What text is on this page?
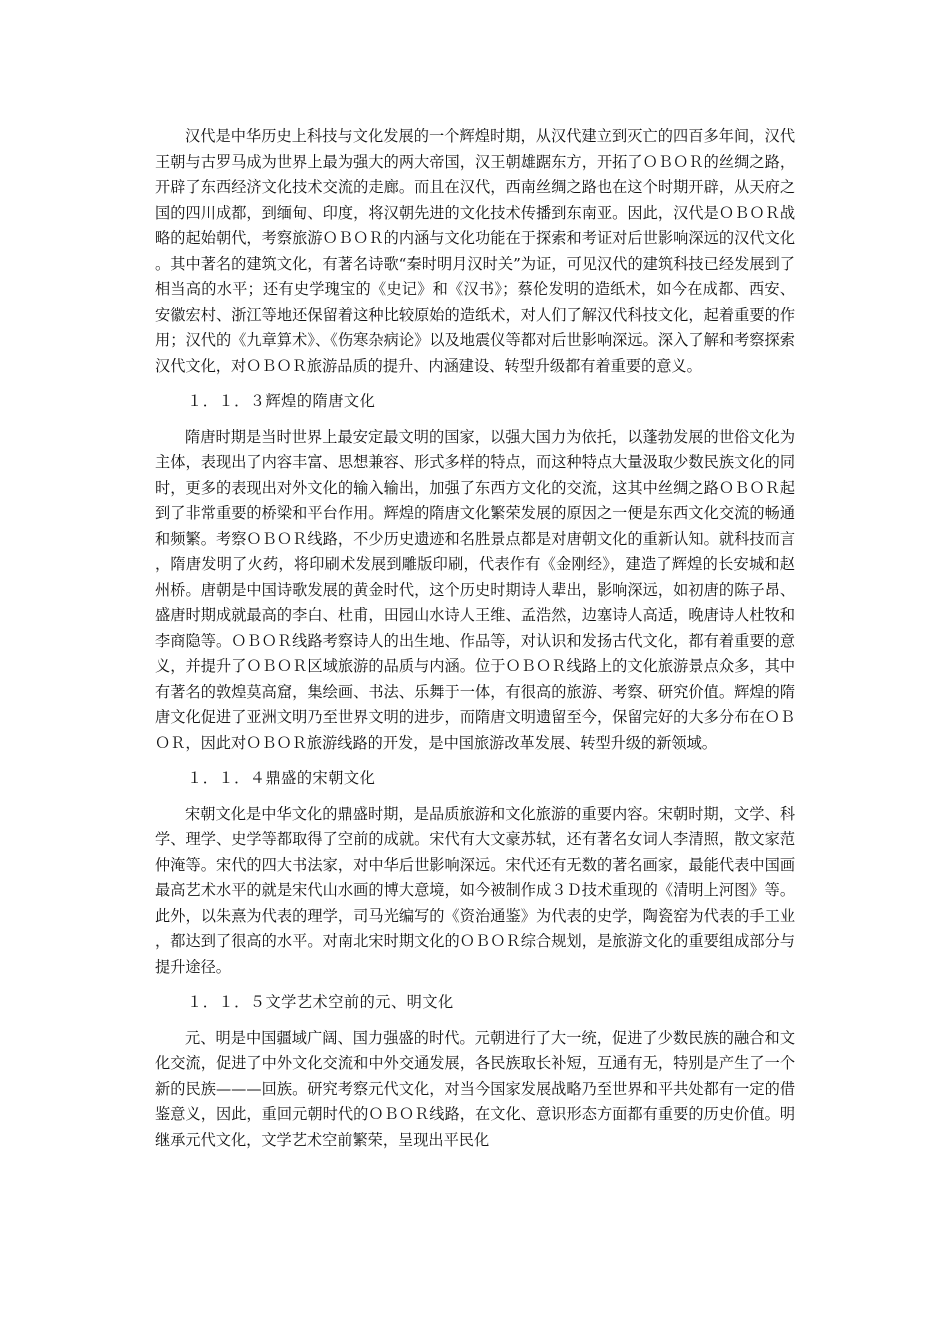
汉代是中华历史上科技与文化发展的一个辉煌时期，从汉代建立到灭亡的四百多年间，汉代王朝与古罗马成为世界上最为强大的两大帝国，汉王朝雄踞东方，开拓了ＯＢＯＲ的丝绸之路，开辟了东西经济文化技术交流的走廊。而且在汉代，西南丝绸之路也在这个时期开辟，从天府之国的四川成都，到缅甸、印度，将汉朝先进的文化技术传播到东南亚。因此，汉代是ＯＢＯＲ战略的起始朝代，考察旅游ＯＢＯＲ的内涵与文化功能在于探索和考证对后世影响深远的汉代文化。其中著名的建筑文化，有著名诗歌“秦时明月汉时关”为证，可见汉代的建筑科技已经发展到了相当高的水平；还有史学瑰宝的《史记》和《汉书》；蔡伦发明的造纸术，如今在成都、西安、安徽宏村、浙江等地还保留着这种比较原始的造纸术，对人们了解汉代科技文化，起着重要的作用；汉代的《九章算术》、《伤寒杂病论》以及地震仪等都对后世影响深远。深入了解和考察探索汉代文化，对ＯＢＯＲ旅游品质的提升、内涵建设、转型升级都有着重要的意义。

１．１．３辉煌的隋唐文化

隋唐时期是当时世界上最安定最文明的国家，以强大国力为依托，以蓬勃发展的世俗文化为主体，表现出了内容丰富、思想兼容、形式多样的特点，而这种特点大量汲取少数民族文化的同时，更多的表现出对外文化的输入输出，加强了东西方文化的交流，这其中丝绸之路ＯＢＯＲ起到了非常重要的桥梁和平台作用。辉煌的隋唐文化繁荣发展的原因之一便是东西文化交流的畅通和频繁。考察ＯＢＯＲ线路，不少历史遗迹和名胜景点都是对唐朝文化的重新认知。就科技而言，隋唐发明了火药，将印刷术发展到雕版印刷，代表作有《金刚经》，建造了辉煌的长安城和赵州桥。唐朝是中国诗歌发展的黄金时代，这个历史时期诗人辈出，影响深远，如初唐的陈子昂、盛唐时期成就最高的李白、杜甫，田园山水诗人王维、孟浩然，边塞诗人高适，晚唐诗人杜牧和李商隐等。ＯＢＯＲ线路考察诗人的出生地、作品等，对认识和发扬古代文化，都有着重要的意义，并提升了ＯＢＯＲ区域旅游的品质与内涵。位于ＯＢＯＲ线路上的文化旅游景点众多，其中有著名的敦煌莫高窟，集绘画、书法、乐舞于一体，有很高的旅游、考察、研究价值。辉煌的隋唐文化促进了亚洲文明乃至世界文明的进步，而隋唐文明遗留至今，保留完好的大多分布在ＯＢＯＲ，因此对ＯＢＯＲ旅游线路的开发，是中国旅游改革发展、转型升级的新领域。

１．１．４鼎盛的宋朝文化

宋朝文化是中华文化的鼎盛时期，是品质旅游和文化旅游的重要内容。宋朝时期，文学、科学、理学、史学等都取得了空前的成就。宋代有大文豪苏轼，还有著名女词人李清照，散文家范仲淹等。宋代的四大书法家，对中华后世影响深远。宋代还有无数的著名画家，最能代表中国画最高艺术水平的就是宋代山水画的博大意境，如今被制作成３Ｄ技术重现的《清明上河图》等。此外，以朱熹为代表的理学，司马光编写的《资治通鉴》为代表的史学，陶瓷窑为代表的手工业，都达到了很高的水平。对南北宋时期文化的ＯＢＯＲ综合规划，是旅游文化的重要组成部分与提升途径。

１．１．５文学艺术空前的元、明文化

元、明是中国疆域广阔、国力强盛的时代。元朝进行了大一统，促进了少数民族的融合和文化交流，促进了中外文化交流和中外交通发展，各民族取长补短，互通有无，特别是产生了一个新的民族———回族。研究考察元代文化，对当今国家发展战略乃至世界和平共处都有一定的借鉴意义，因此，重回元朝时代的ＯＢＯＲ线路，在文化、意识形态方面都有重要的历史价值。明继承元代文化，文学艺术空前繁荣，呈现出平民化
